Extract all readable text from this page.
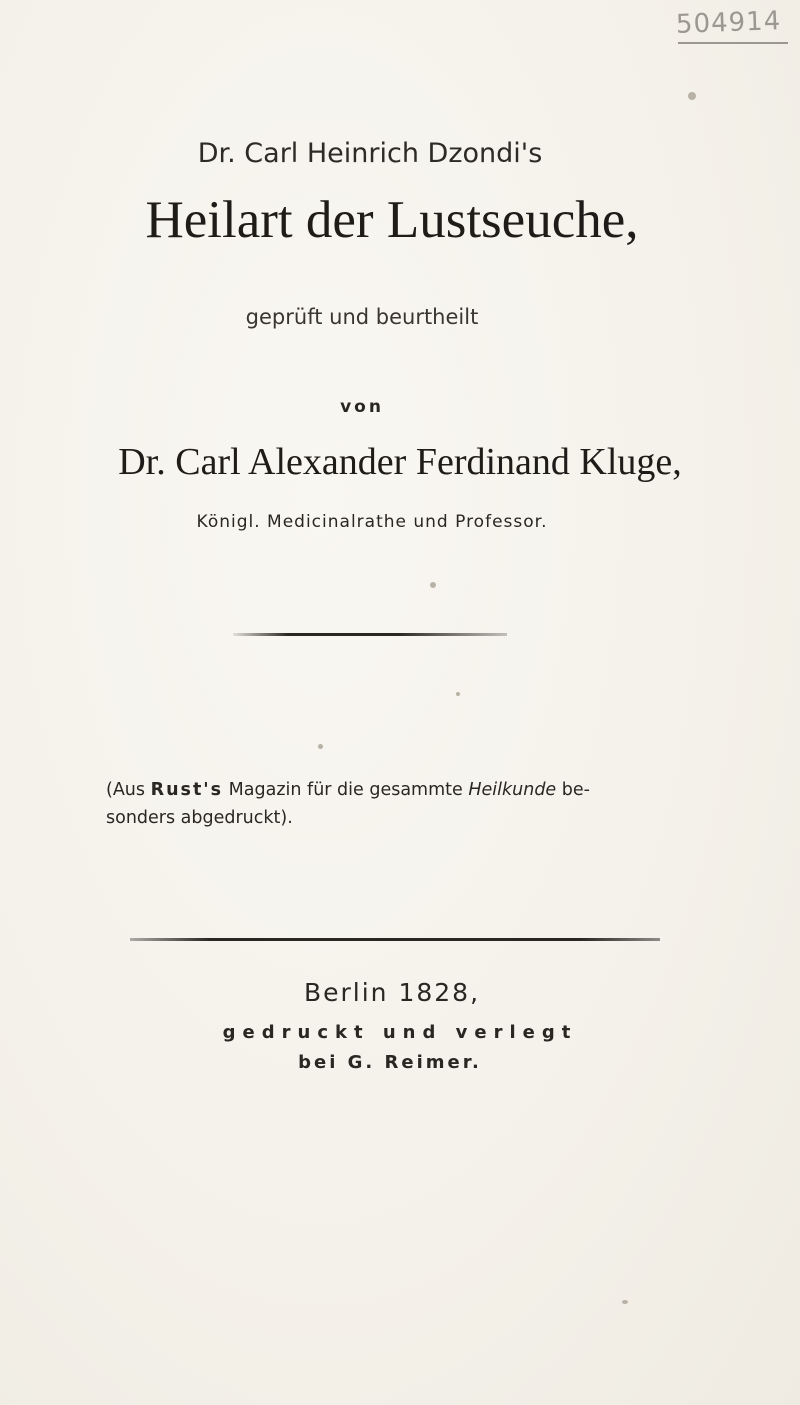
504914
Dr. Carl Heinrich Dzondi's
Heilart der Lustseuche,
geprüft und beurtheilt
von
Dr. Carl Alexander Ferdinand Kluge,
Königl. Medicinalrathe und Professor.
(Aus Rust's Magazin für die gesammte Heilkunde be-
sonders abgedruckt).
Berlin 1828,
gedruckt und verlegt
bei G. Reimer.
